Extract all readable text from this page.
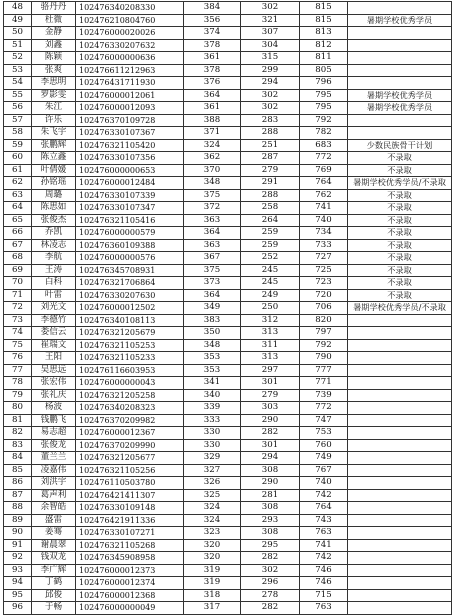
48	骆丹丹	102476340208330	384	302	815	
49	杜微	102476210804760	356	321	815	暑期学校优秀学员
50	金静	102476000020026	374	307	813	
51	刘鑫	102476330207632	378	304	812	
52	陈颖	102476000000636	361	315	811	
53	张爽	102476611212963	378	299	805	
54	李思明	102476431711930	376	294	796	
55	罗影雯	102476000012061	364	302	795	暑期学校优秀学员
56	朱江	102476000012093	361	302	795	暑期学校优秀学员
57	许乐	102476370109728	388	283	792	
58	朱飞宇	102476330107367	371	288	782	
59	张鹏辉	102476321105420	324	251	683	少数民族骨干计划
60	陈立鑫	102476330107356	362	287	772	不录取
61	叶倩媛	102476000000653	370	279	769	不录取
62	孙铭瑶	102476000012484	348	291	764	暑期学校优秀学员/不录取
63	周璐	102476330107339	375	288	762	不录取
64	陈思如	102476330107347	372	258	741	不录取
65	张俊杰	102476321105416	363	264	740	不录取
66	乔凯	102476000000579	364	259	734	不录取
67	林凌志	102476360109388	363	259	733	不录取
68	李航	102476000000576	367	252	727	不录取
69	王涛	102476345708931	375	245	725	不录取
70	白科	102476321706864	373	245	723	不录取
71	叶雷	102476330207630	364	249	720	不录取
72	刘光文	102476000012502	349	250	706	暑期学校优秀学员/不录取
73	李德竹	102476340108113	383	312	820	
74	娄信云	102476321205679	350	313	797	
75	崔瑞文	102476321105253	348	311	792	
76	王阳	102476321105233	353	313	790	
77	吴思远	102476116603953	353	297	777	
78	张宏伟	102476000000043	341	301	771	
79	张礼庆	102476321205258	340	279	739	
80	杨波	102476340208323	339	303	772	
81	钱鹏飞	102476370209982	333	290	747	
82	易志超	102476000012367	330	282	753	
83	张俊龙	102476370209990	330	301	760	
84	董兰兰	102476321205677	329	294	749	
85	凌嘉伟	102476321105256	327	308	767	
86	刘洪宇	102476110503780	326	290	740	
87	葛声利	102476421411307	325	281	742	
88	余智皓	102476330109148	324	308	764	
89	盛雷	102476421911336	324	293	743	
90	姜骞	102476330107271	323	308	763	
91	谢晨翠	102476321105268	320	295	741	
92	钱双龙	102476345908958	320	282	742	
93	李广辉	102476000012373	319	302	746	
94	丁鹤	102476000012374	319	296	746	
95	邱俊	102476000012368	318	278	715	
96	于畅	102476000000049	317	282	763	
